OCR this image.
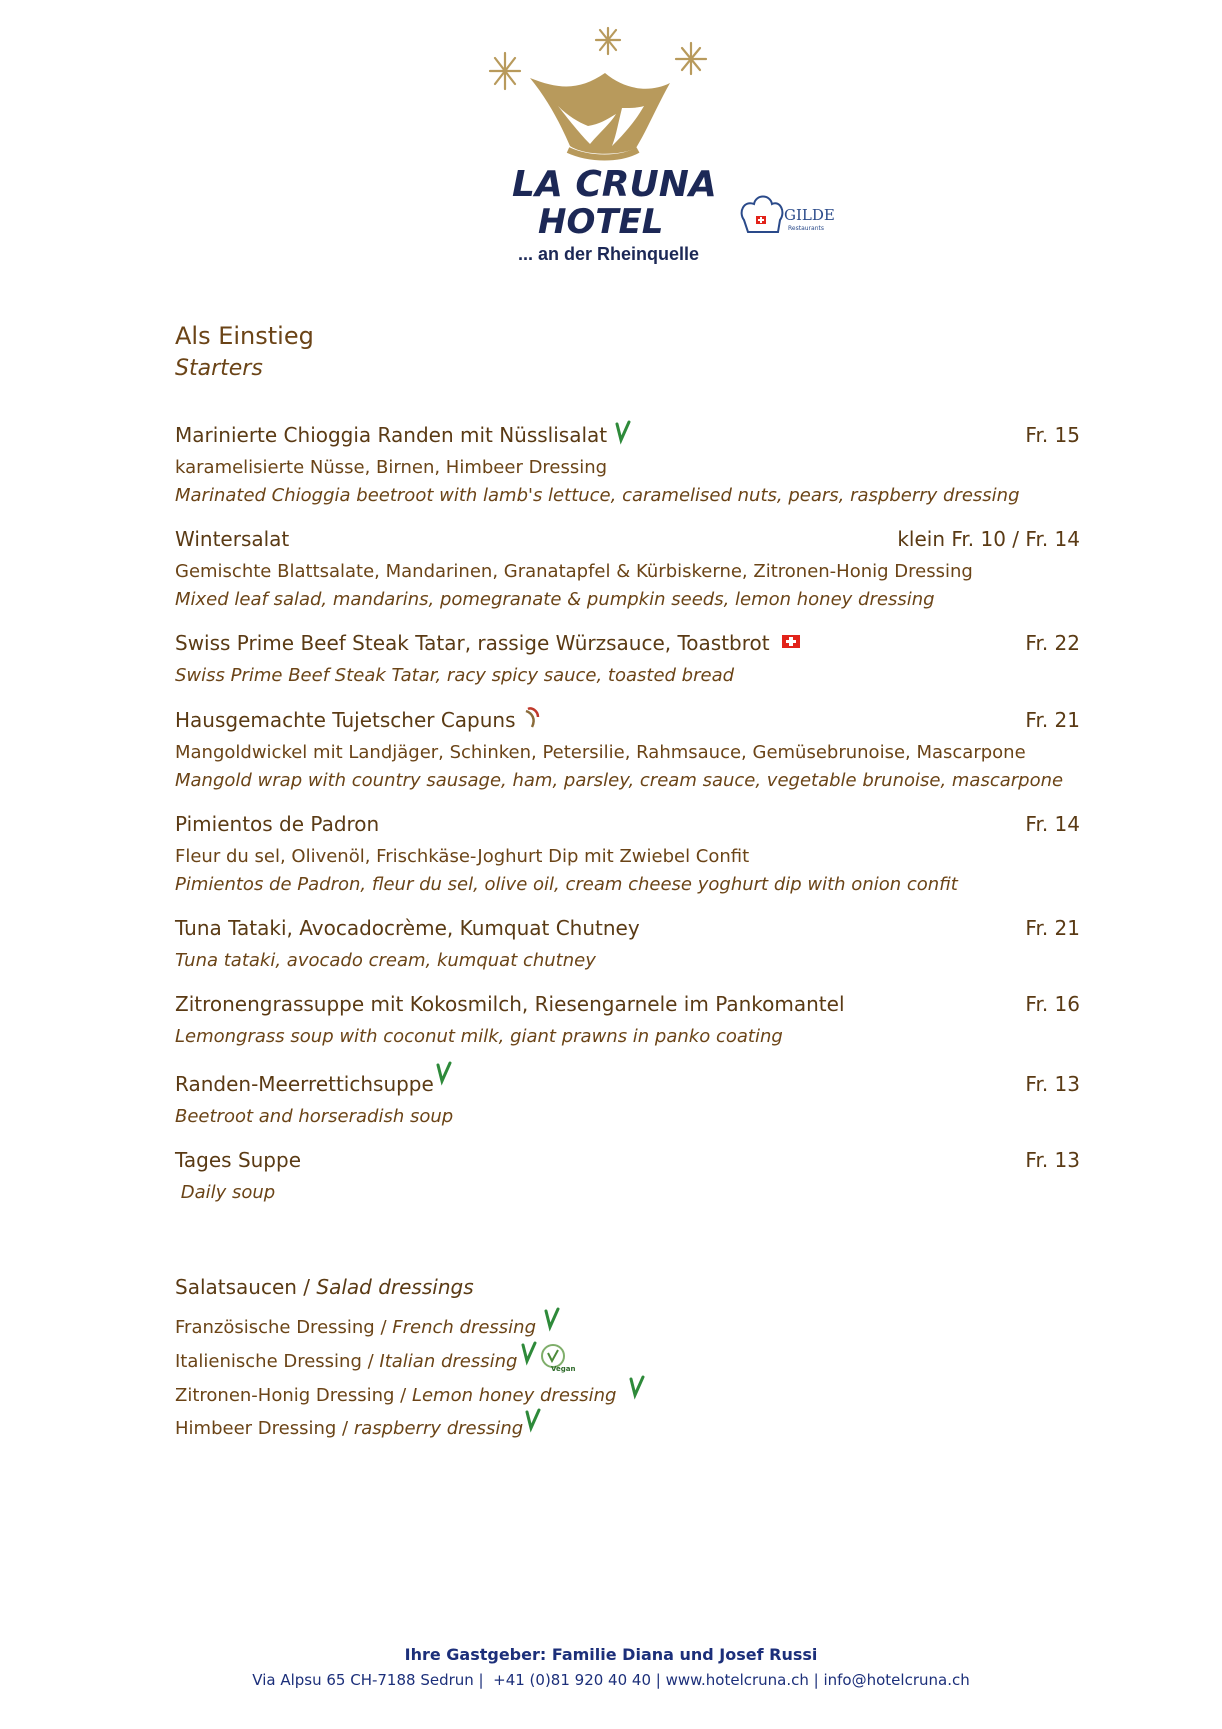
LA CRUNA
HOTEL
... an der Rheinquelle
GILDE
Restaurants
Als Einstieg
Starters
Marinierte Chioggia Randen mit Nüsslisalat	Fr. 15
karamelisierte Nüsse, Birnen, Himbeer Dressing
Marinated Chioggia beetroot with lamb's lettuce, caramelised nuts, pears, raspberry dressing
Wintersalat	klein Fr. 10 / Fr. 14
Gemischte Blattsalate, Mandarinen, Granatapfel & Kürbiskerne, Zitronen-Honig Dressing
Mixed leaf salad, mandarins, pomegranate & pumpkin seeds, lemon honey dressing
Swiss Prime Beef Steak Tatar, rassige Würzsauce, Toastbrot	Fr. 22
Swiss Prime Beef Steak Tatar, racy spicy sauce, toasted bread
Hausgemachte Tujetscher Capuns	Fr. 21
Mangoldwickel mit Landjäger, Schinken, Petersilie, Rahmsauce, Gemüsebrunoise, Mascarpone
Mangold wrap with country sausage, ham, parsley, cream sauce, vegetable brunoise, mascarpone
Pimientos de Padron	Fr. 14
Fleur du sel, Olivenöl, Frischkäse-Joghurt Dip mit Zwiebel Confit
Pimientos de Padron, fleur du sel, olive oil, cream cheese yoghurt dip with onion confit
Tuna Tataki, Avocadocrème, Kumquat Chutney	Fr. 21
Tuna tataki, avocado cream, kumquat chutney
Zitronengrassuppe mit Kokosmilch, Riesengarnele im Pankomantel	Fr. 16
Lemongrass soup with coconut milk, giant prawns in panko coating
Randen-Meerrettichsuppe	Fr. 13
Beetroot and horseradish soup
Tages Suppe	Fr. 13
Daily soup
Salatsaucen / Salad dressings
Französische Dressing / French dressing
Italienische Dressing / Italian dressing	Vegan
Zitronen-Honig Dressing / Lemon honey dressing
Himbeer Dressing / raspberry dressing
Ihre Gastgeber: Familie Diana und Josef Russi
Via Alpsu 65 CH-7188 Sedrun |  +41 (0)81 920 40 40 | www.hotelcruna.ch | info@hotelcruna.ch
